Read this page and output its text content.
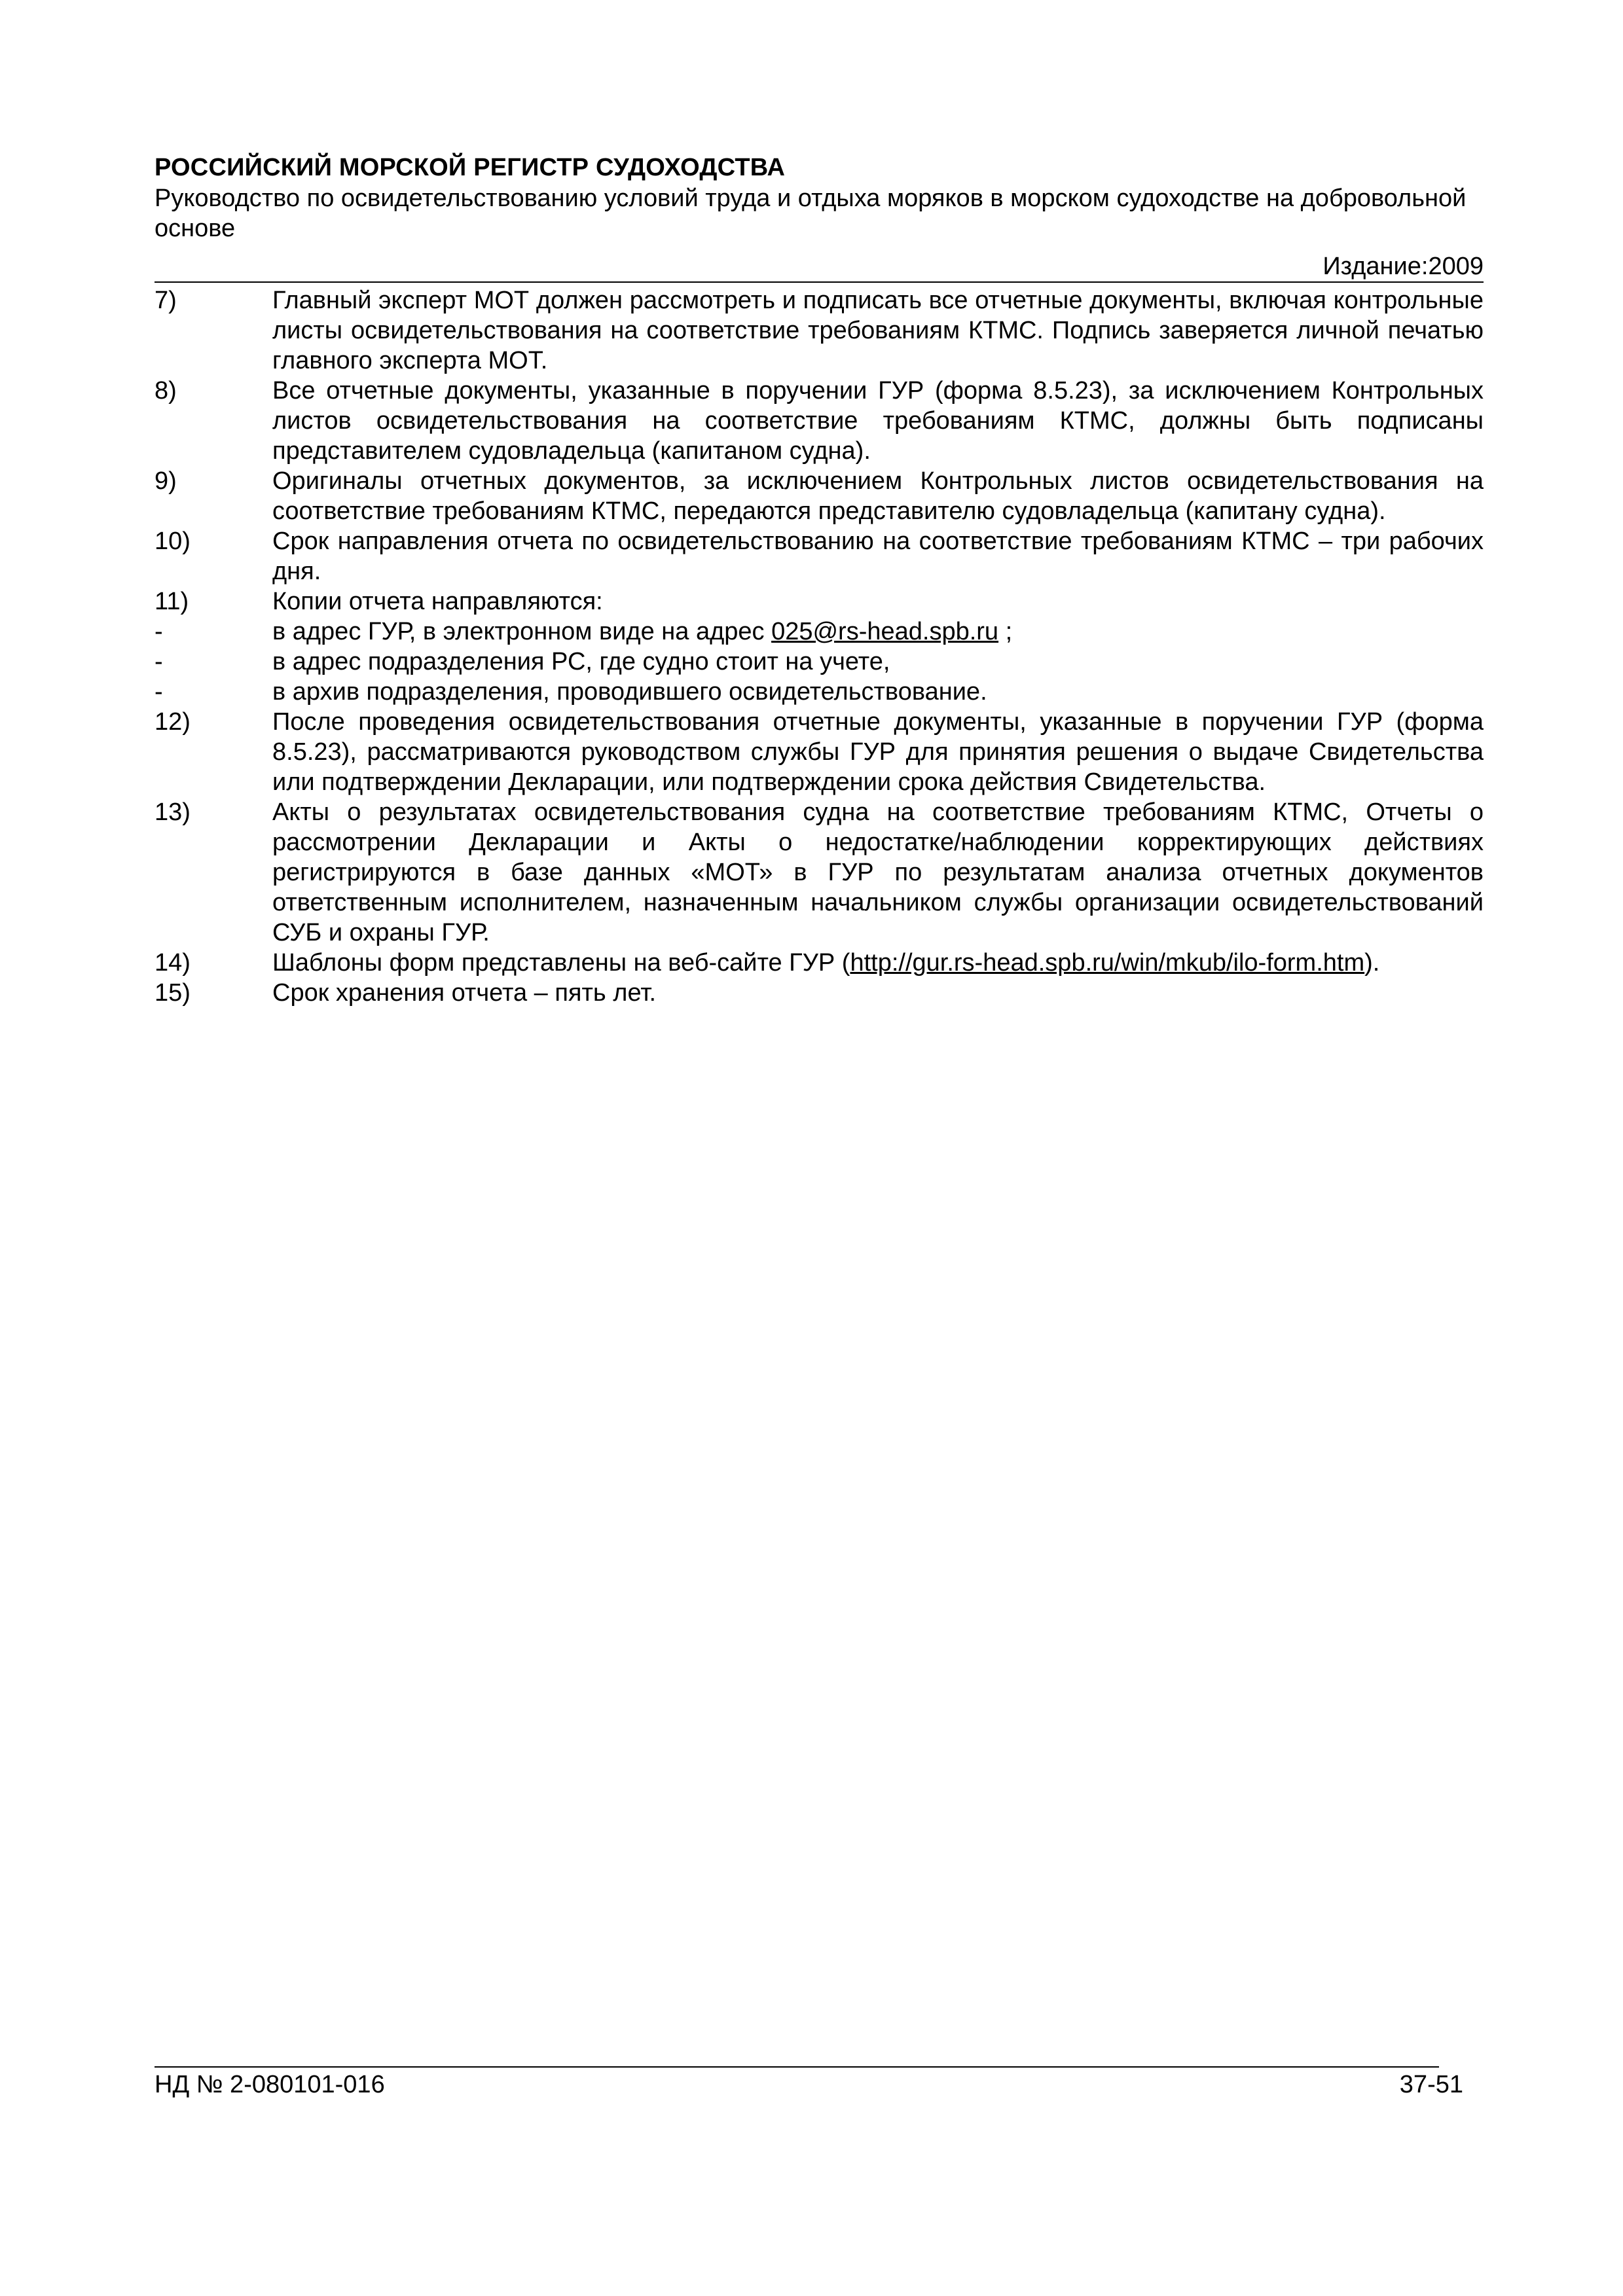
РОССИЙСКИЙ МОРСКОЙ РЕГИСТР СУДОХОДСТВА
Руководство по освидетельствованию условий труда и отдыха моряков в морском судоходстве на добровольной основе
Издание:2009
7)	Главный эксперт МОТ должен рассмотреть и подписать все отчетные документы, включая контрольные листы освидетельствования на соответствие требованиям КТМС. Подпись заверяется личной печатью главного эксперта МОТ.
8)	Все отчетные документы, указанные в поручении ГУР (форма 8.5.23), за исключением Контрольных листов освидетельствования на соответствие требованиям КТМС, должны быть подписаны представителем судовладельца (капитаном судна).
9)	Оригиналы отчетных документов, за исключением Контрольных листов освидетельствования на соответствие требованиям КТМС, передаются представителю судовладельца (капитану судна).
10)	Срок направления отчета по освидетельствованию на соответствие требованиям КТМС – три рабочих дня.
11)	Копии отчета направляются:
-	в адрес ГУР, в электронном виде на адрес 025@rs-head.spb.ru ;
-	в адрес подразделения РС, где судно стоит на учете,
-	в архив подразделения, проводившего освидетельствование.
12)	После проведения освидетельствования отчетные документы, указанные в поручении ГУР (форма 8.5.23), рассматриваются руководством службы ГУР для принятия решения о выдаче Свидетельства или подтверждении Декларации, или подтверждении срока действия Свидетельства.
13)	Акты о результатах освидетельствования судна на соответствие требованиям КТМС, Отчеты о рассмотрении Декларации и Акты о недостатке/наблюдении корректирующих действиях регистрируются в базе данных «МОТ» в ГУР по результатам анализа отчетных документов ответственным исполнителем, назначенным начальником службы организации освидетельствований СУБ и охраны ГУР.
14)	Шаблоны форм представлены на веб-сайте ГУР (http://gur.rs-head.spb.ru/win/mkub/ilo-form.htm).
15)	Срок хранения отчета – пять лет.
НД № 2-080101-016	37-51
